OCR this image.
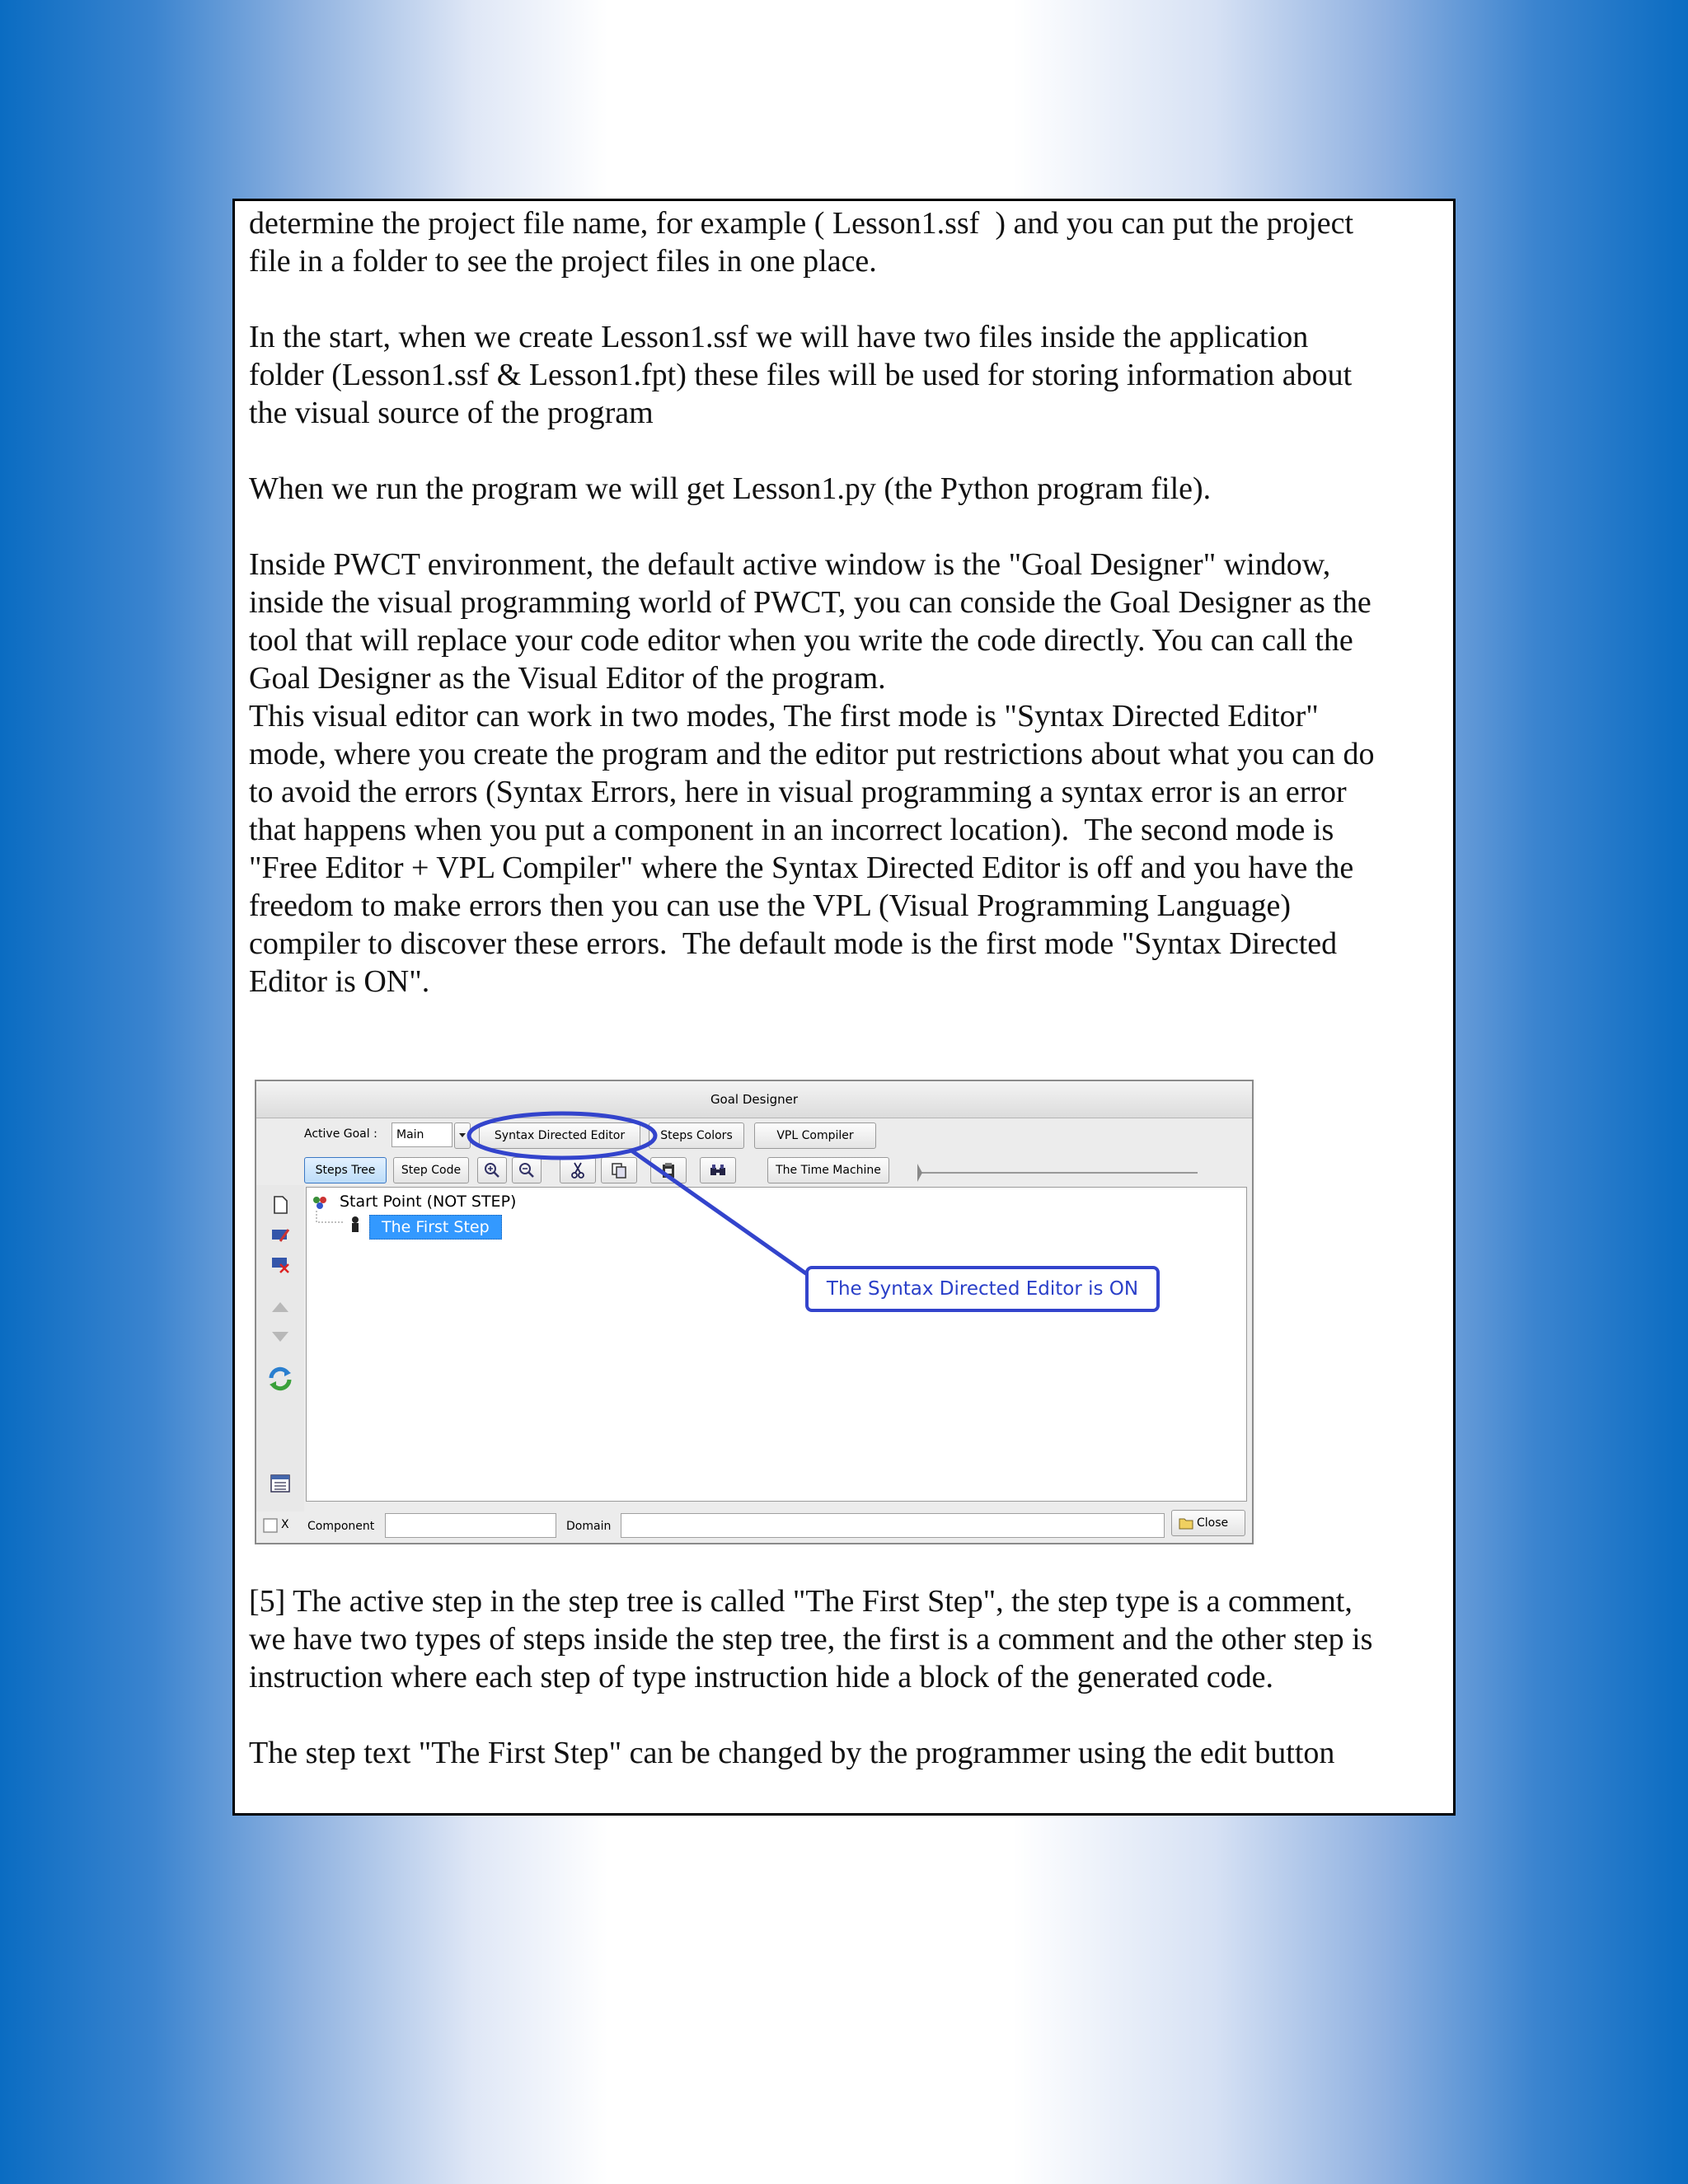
determine the project file name, for example ( Lesson1.ssf  ) and you can put the project
file in a folder to see the project files in one place.

In the start, when we create Lesson1.ssf we will have two files inside the application
folder (Lesson1.ssf & Lesson1.fpt) these files will be used for storing information about
the visual source of the program

When we run the program we will get Lesson1.py (the Python program file).

Inside PWCT environment, the default active window is the "Goal Designer" window,
inside the visual programming world of PWCT, you can conside the Goal Designer as the
tool that will replace your code editor when you write the code directly. You can call the
Goal Designer as the Visual Editor of the program.

This visual editor can work in two modes, The first mode is "Syntax Directed Editor"
mode, where you create the program and the editor put restrictions about what you can do
to avoid the errors (Syntax Errors, here in visual programming a syntax error is an error
that happens when you put a component in an incorrect location).  The second mode is
"Free Editor + VPL Compiler" where the Syntax Directed Editor is off and you have the
freedom to make errors then you can use the VPL (Visual Programming Language)
compiler to discover these errors.  The default mode is the first mode "Syntax Directed
Editor is ON".

Goal Designer
Active Goal :	Main	Syntax Directed Editor	Steps Colors	VPL Compiler
Steps Tree	Step Code	The Time Machine
Start Point (NOT STEP)
The First Step
X Component	Domain	Close
The Syntax Directed Editor is ON

[5] The active step in the step tree is called "The First Step", the step type is a comment,
we have two types of steps inside the step tree, the first is a comment and the other step is
instruction where each step of type instruction hide a block of the generated code.

The step text "The First Step" can be changed by the programmer using the edit button
